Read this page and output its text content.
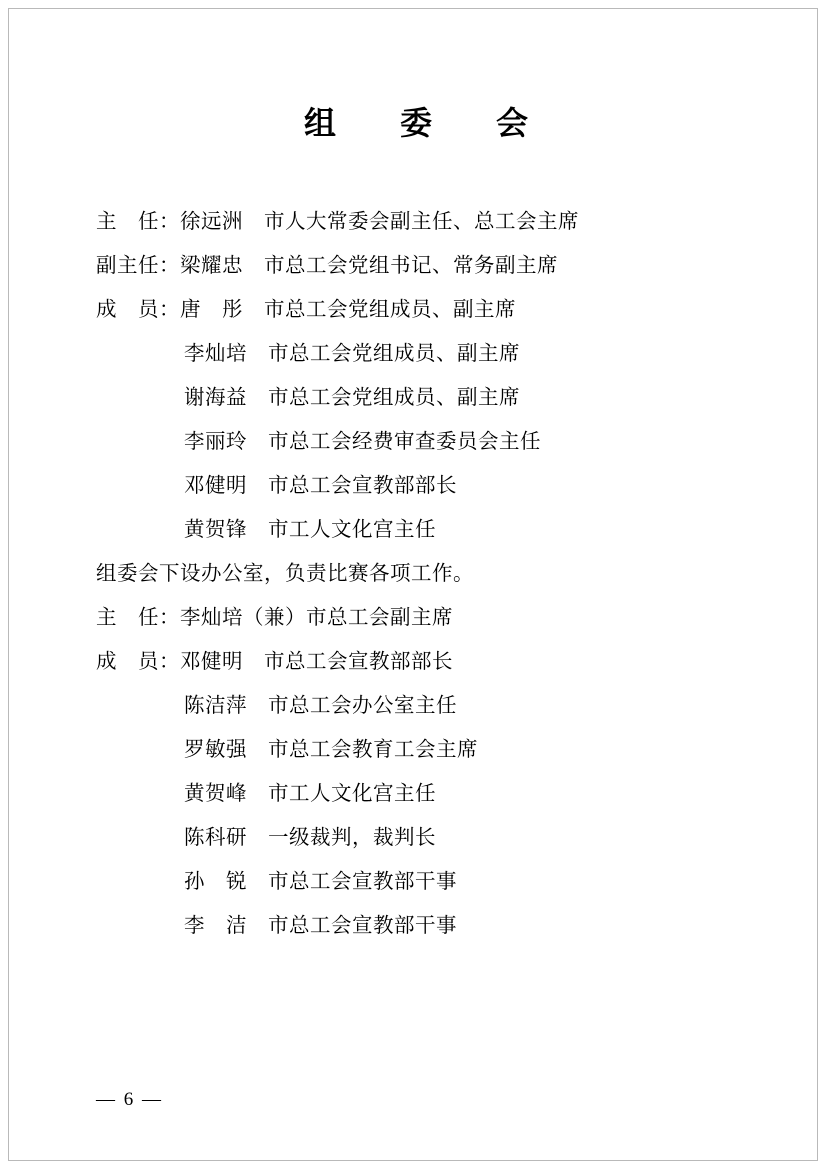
组　委　会
主　任：徐远洲　市人大常委会副主任、总工会主席
副主任：梁耀忠　市总工会党组书记、常务副主席
成　员：唐　彤　市总工会党组成员、副主席
李灿培　市总工会党组成员、副主席
谢海益　市总工会党组成员、副主席
李丽玲　市总工会经费审查委员会主任
邓健明　市总工会宣教部部长
黄贺锋　市工人文化宫主任
组委会下设办公室，负责比赛各项工作。
主　任：李灿培（兼）市总工会副主席
成　员：邓健明　市总工会宣教部部长
陈洁萍　市总工会办公室主任
罗敏强　市总工会教育工会主席
黄贺峰　市工人文化宫主任
陈科研　一级裁判，裁判长
孙　锐　市总工会宣教部干事
李　洁　市总工会宣教部干事
— 6 —
